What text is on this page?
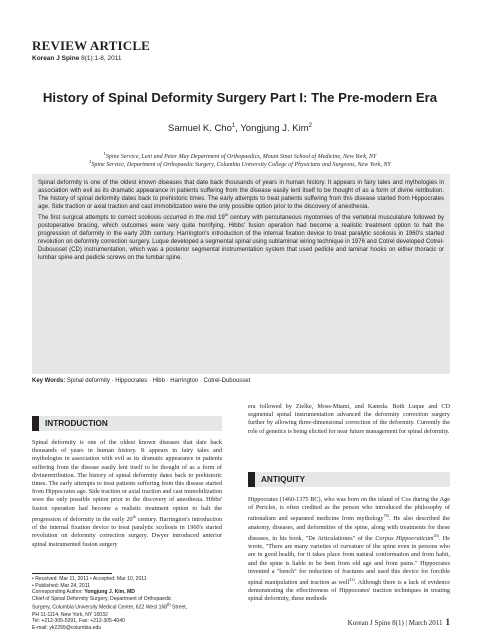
REVIEW ARTICLE
Korean J Spine 8(1):1-8, 2011
History of Spinal Deformity Surgery Part I: The Pre-modern Era
Samuel K. Cho$^1$, Yongjung J. Kim$^2$
$^1$Spine Service, Leni and Peter May Department of Orthopaedics, Mount Sinai School of Medicine, New York, NY
$^2$Spine Service, Department of Orthopaedic Surgery, Columbia University College of Physicians and Surgeons, New York, NY

Spinal deformity is one of the oldest known diseases that date back thousands of years in human history. It appears in fairy tales and mythologies in association with evil as its dramatic appearance in patients suffering from the disease easily lent itself to be thought of as a form of divine retribution. The history of spinal deformity dates back to prehistoric times. The early attempts to treat patients suffering from this disease started from Hippocrates age. Side traction or axial traction and cast immobilization were the only possible option prior to the discovery of anesthesia.
The first surgical attempts to correct scoliosis occurred in the mid 19th century with percutaneous myotomies of the vertebral musculature followed by postoperative bracing, which outcomes were very quite horrifying. Hibbs' fusion operation had become a realistic treatment option to halt the progression of deformity in the early 20th century. Harrington's introduction of the internal fixation device to treat paralytic scoliosis in 1960's started revolution on deformity correction surgery. Luque developed a segmental spinal using sublaminar wiring technique in 1976 and Cotrel developed Cotrel-Dubousset (CD) instrumentation, which was a posterior segmental instrumentation system that used pedicle and laminar hooks on either thoracic or lumbar spine and pedicle screws on the lumbar spine.

Key Words: Spinal deformity · Hippocrates · Hibb · Harrington · Cotrel-Dubousset
INTRODUCTION
Spinal deformity is one of the oldest known diseases that date back thousands of years in human history. It appears in fairy tales and mythologies in association with evil as its dramatic appearance in patients suffering from the disease easily lent itself to be thought of as a form of divineretribution. The history of spinal deformity dates back to prehistoric times. The early attempts to treat patients suffering from this disease started from Hippocrates age. Side traction or axial traction and cast immobilization were the only possible option prior to the discovery of anesthesia. Hibbs' fusion operation had become a realistic treatment option to halt the progression of deformity in the early 20th century. Harrington's introduction of the internal fixation device to treat paralytic scoliosis in 1960's started revolution on deformity correction surgery. Dwyer introduced anterior spinal instrumented fusion surgery
era followed by Zielke, Moss-Miami, and Kaneda. Both Luque and CD segmental spinal instrumentation advanced the deformity correction surgery further by allowing three-dimensional correction of the deformity. Currently the role of genetics is being elicited for near future management for spinal deformity.
ANTIQUITY
Hippocrates (1460-1375 BC), who was born on the island of Cos during the Age of Pericles, is often credited as the person who introduced the philosophy of rationalism and separated medicine from mythology$^{78)}$. He also described the anatomy, diseases, and deformities of the spine, along with treatments for these diseases, in his book, "De Articulationes" of the Corpus Hippocraticum$^{26)}$. He wrote, "There are many varieties of curvature of the spine even in persons who are in good health, for it takes place from natural conformation and from habit, and the spine is liable to be bent from old age and from pains." Hippocrates invented a "bench" for reduction of fractures and used this device for forcible spinal manipulation and traction as well$^{41)}$. Although there is a lack of evidence demonstrating the effectiveness of Hippocrates' traction techniques in treating spinal deformity, these methods
• Received: Mar 11, 2011 • Accepted: Mar 10, 2011
• Published: Mar 24, 2011
Corresponding Author: Yongjung J. Kim, MD
Chief of Spinal Deformity Surgery, Department of Orthopaedic
Surgery, Columbia University Medical Center, 622 West 168th Street,
PH 11-1114, New York, NY 10032
Tel: +212-305-5391, Fax: +212-305-4040
E-mail: yk2299@columbia.edu
Korean J Spine 8(1) | March 2011 1
